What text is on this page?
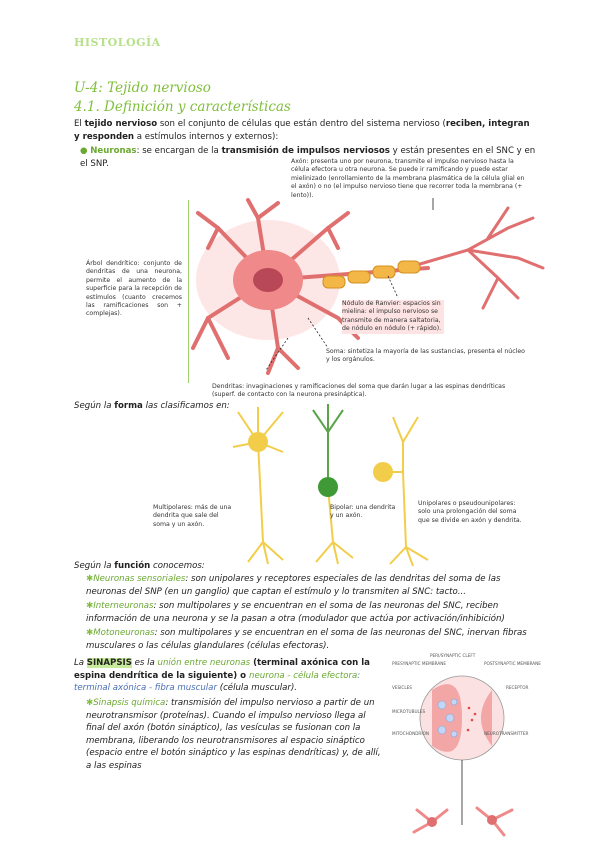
HISTOLOGÍA
U-4: Tejido nervioso
4.1. Definición y características
El tejido nervioso son el conjunto de células que están dentro del sistema nervioso (reciben, integran y responden a estímulos internos y externos):
● Neuronas: se encargan de la transmisión de impulsos nerviosos y están presentes en el SNC y en el SNP.	Axón: presenta uno por neurona, transmite el impulso nervioso hasta la célula efectora u otra neurona. Se puede ir ramificando y puede estar mielinizado (enrollamiento de la membrana plasmática de la célula glial en el axón) o no (el impulso nervioso tiene que recorrer toda la membrana (+ lento)).
Árbol dendrítico: conjunto de dendritas de una neurona, permite el aumento de la superficie para la recepción de estímulos (cuanto crecemos las ramificaciones son + complejas).
Nódulo de Ranvier: espacios sin mielina: el impulso nervioso se transmite de manera saltatoria, de nódulo en nódulo (+ rápido).
Soma: sintetiza la mayoría de las sustancias, presenta el núcleo y los orgánulos.
Dendritas: invaginaciones y ramificaciones del soma que darán lugar a las espinas dendríticas (superf. de contacto con la neurona presináptica).
Según la forma las clasificamos en:
Multipolares: más de una dendrita que sale del soma y un axón.
Bipolar: una dendrita y un axón.
Unipolares o pseudounipolares: solo una prolongación del soma que se divide en axón y dendrita.
Según la función conocemos:
✱Neuronas sensoriales: son unipolares y receptores especiales de las dendritas del soma de las neuronas del SNP (en un ganglio) que captan el estímulo y lo transmiten al SNC: tacto...
✱Interneuronas: son multipolares y se encuentran en el soma de las neuronas del SNC, reciben información de una neurona y se la pasan a otra (modulador que actúa por activación/inhibición)
✱Motoneuronas: son multipolares y se encuentran en el soma de las neuronas del SNC, inervan fibras musculares o las células glandulares (células efectoras).
La SINAPSIS es la unión entre neuronas (terminal axónica con la espina dendrítica de la siguiente) o neurona - célula efectora: terminal axónica - fibra muscular (célula muscular).
✱Sinapsis química: transmisión del impulso nervioso a partir de un neurotransmisor (proteínas). Cuando el impulso nervioso llega al final del axón (botón sináptico), las vesículas se fusionan con la membrana, liberando los neurotransmisores al espacio sináptico (espacio entre el botón sináptico y las espinas dendríticas) y, de allí, a las espinas
PERI/SYNAPTIC CLEFT
PRESYNAPTIC MEMBRANE	POSTSYNAPTIC MEMBRANE
VESICLES	RECEPTOR
MICROTUBULES
MITOCHONDRION	NEUROTRANSMITTER
